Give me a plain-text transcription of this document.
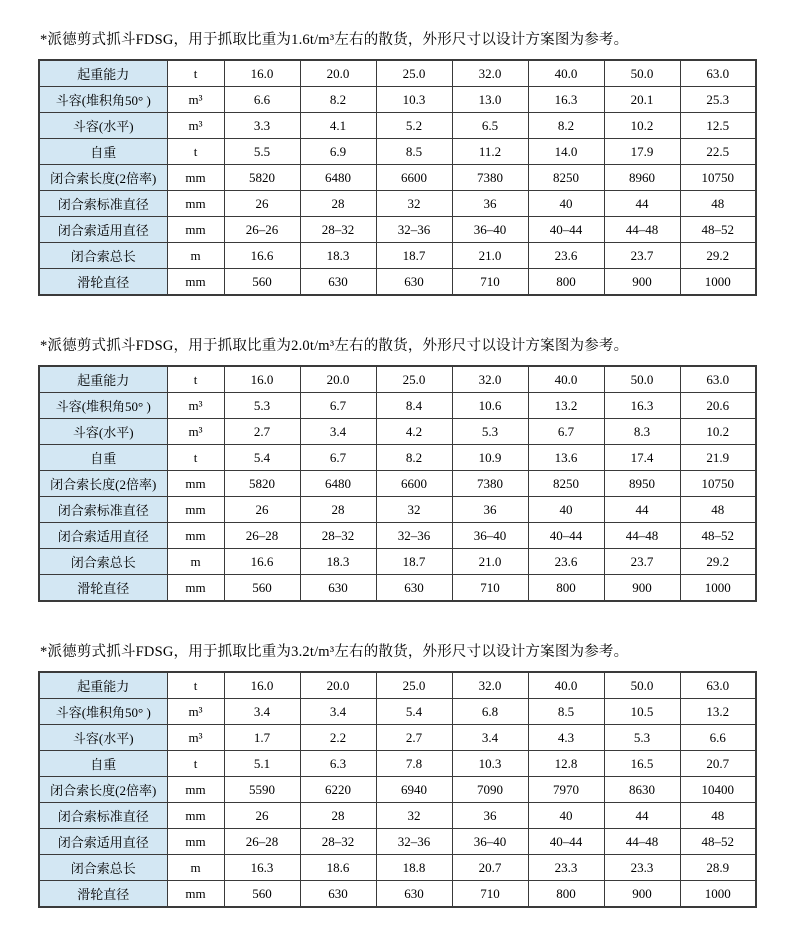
*派德剪式抓斗FDSG，用于抓取比重为1.6t/m³左右的散货，外形尺寸以设计方案图为参考。

起重能力	t	16.0	20.0	25.0	32.0	40.0	50.0	63.0
斗容(堆积角50° )	m³	6.6	8.2	10.3	13.0	16.3	20.1	25.3
斗容(水平)	m³	3.3	4.1	5.2	6.5	8.2	10.2	12.5
自重	t	5.5	6.9	8.5	11.2	14.0	17.9	22.5
闭合索长度(2倍率)	mm	5820	6480	6600	7380	8250	8960	10750
闭合索标准直径	mm	26	28	32	36	40	44	48
闭合索适用直径	mm	26–26	28–32	32–36	36–40	40–44	44–48	48–52
闭合索总长	m	16.6	18.3	18.7	21.0	23.6	23.7	29.2
滑轮直径	mm	560	630	630	710	800	900	1000

*派德剪式抓斗FDSG，用于抓取比重为2.0t/m³左右的散货，外形尺寸以设计方案图为参考。

起重能力	t	16.0	20.0	25.0	32.0	40.0	50.0	63.0
斗容(堆积角50° )	m³	5.3	6.7	8.4	10.6	13.2	16.3	20.6
斗容(水平)	m³	2.7	3.4	4.2	5.3	6.7	8.3	10.2
自重	t	5.4	6.7	8.2	10.9	13.6	17.4	21.9
闭合索长度(2倍率)	mm	5820	6480	6600	7380	8250	8950	10750
闭合索标准直径	mm	26	28	32	36	40	44	48
闭合索适用直径	mm	26–28	28–32	32–36	36–40	40–44	44–48	48–52
闭合索总长	m	16.6	18.3	18.7	21.0	23.6	23.7	29.2
滑轮直径	mm	560	630	630	710	800	900	1000

*派德剪式抓斗FDSG，用于抓取比重为3.2t/m³左右的散货，外形尺寸以设计方案图为参考。

起重能力	t	16.0	20.0	25.0	32.0	40.0	50.0	63.0
斗容(堆积角50° )	m³	3.4	3.4	5.4	6.8	8.5	10.5	13.2
斗容(水平)	m³	1.7	2.2	2.7	3.4	4.3	5.3	6.6
自重	t	5.1	6.3	7.8	10.3	12.8	16.5	20.7
闭合索长度(2倍率)	mm	5590	6220	6940	7090	7970	8630	10400
闭合索标准直径	mm	26	28	32	36	40	44	48
闭合索适用直径	mm	26–28	28–32	32–36	36–40	40–44	44–48	48–52
闭合索总长	m	16.3	18.6	18.8	20.7	23.3	23.3	28.9
滑轮直径	mm	560	630	630	710	800	900	1000
